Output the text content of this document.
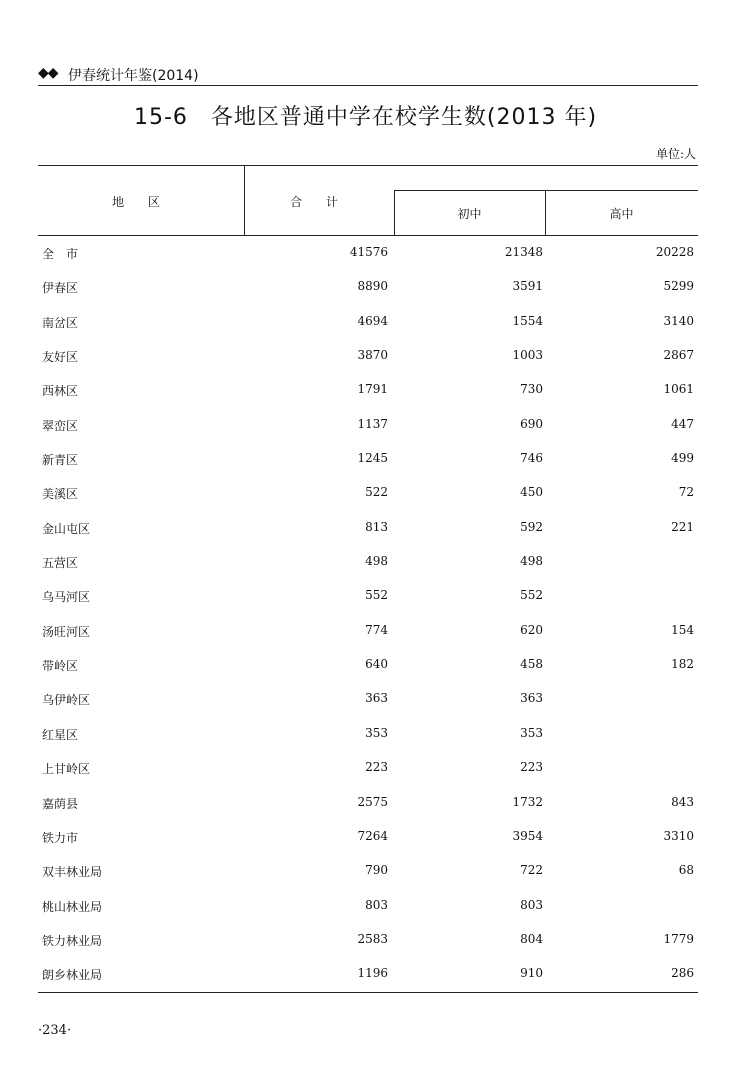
◆◆ 伊春统计年鉴(2014)
15-6　各地区普通中学在校学生数(2013 年)
单位:人
地 区	合 计
初中	高中
全　市	41576	21348	20228
伊春区	8890	3591	5299
南岔区	4694	1554	3140
友好区	3870	1003	2867
西林区	1791	730	1061
翠峦区	1137	690	447
新青区	1245	746	499
美溪区	522	450	72
金山屯区	813	592	221
五营区	498	498
乌马河区	552	552
汤旺河区	774	620	154
带岭区	640	458	182
乌伊岭区	363	363
红星区	353	353
上甘岭区	223	223
嘉荫县	2575	1732	843
铁力市	7264	3954	3310
双丰林业局	790	722	68
桃山林业局	803	803
铁力林业局	2583	804	1779
朗乡林业局	1196	910	286
·234·
